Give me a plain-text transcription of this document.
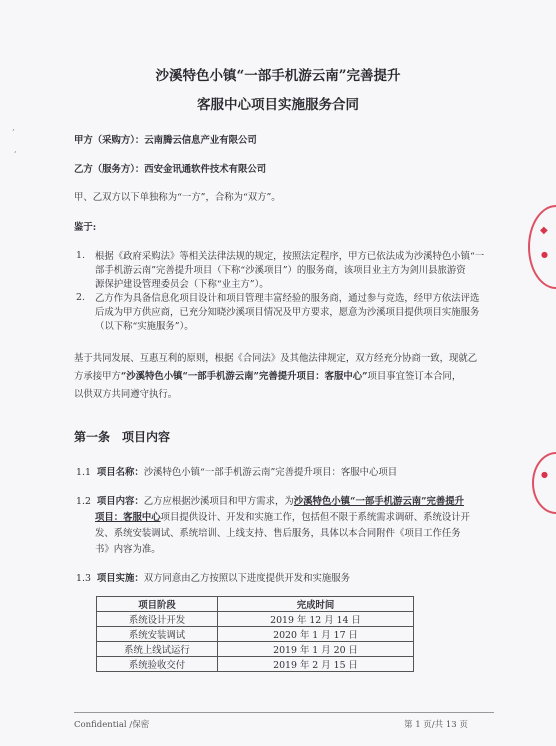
’
‘
沙溪特色小镇“一部手机游云南”完善提升
客服中心项目实施服务合同
甲方（采购方）：云南腾云信息产业有限公司
乙方（服务方）：西安金讯通软件技术有限公司
甲、乙双方以下单独称为“一方”，合称为“双方”。
鉴于:
1. 根据《政府采购法》等相关法律法规的规定，按照法定程序，甲方已依法成为沙溪特色小镇“一
部手机游云南”完善提升项目（下称“沙溪项目”）的服务商，该项目业主方为剑川县旅游资
源保护建设管理委员会（下称“业主方”）。
2. 乙方作为具备信息化项目设计和项目管理丰富经验的服务商，通过参与竞选，经甲方依法评选
后成为甲方供应商，已充分知晓沙溪项目情况及甲方要求，愿意为沙溪项目提供项目实施服务
（以下称“实施服务”）。
基于共同发展、互惠互利的原则，根据《合同法》及其他法律规定，双方经充分协商一致，现就乙
方承接甲方“沙溪特色小镇“一部手机游云南”完善提升项目：客服中心”项目事宜签订本合同，
以供双方共同遵守执行。
第一条　项目内容
1.1 项目名称：沙溪特色小镇“一部手机游云南”完善提升项目：客服中心项目
1.2 项目内容：乙方应根据沙溪项目和甲方需求，为沙溪特色小镇“一部手机游云南”完善提升
项目：客服中心项目提供设计、开发和实施工作，包括但不限于系统需求调研、系统设计开
发、系统安装调试、系统培训、上线支持、售后服务，具体以本合同附件《项目工作任务
书》内容为准。
1.3 项目实施：双方同意由乙方按照以下进度提供开发和实施服务
项目阶段	完成时间
系统设计开发	2019 年 12 月 14 日
系统安装调试	2020 年 1 月 17 日
系统上线试运行	2019 年 1 月 20 日
系统验收交付	2019 年 2 月 15 日
Confidential /保密	第 1 页/共 13 页
◆
●
●
